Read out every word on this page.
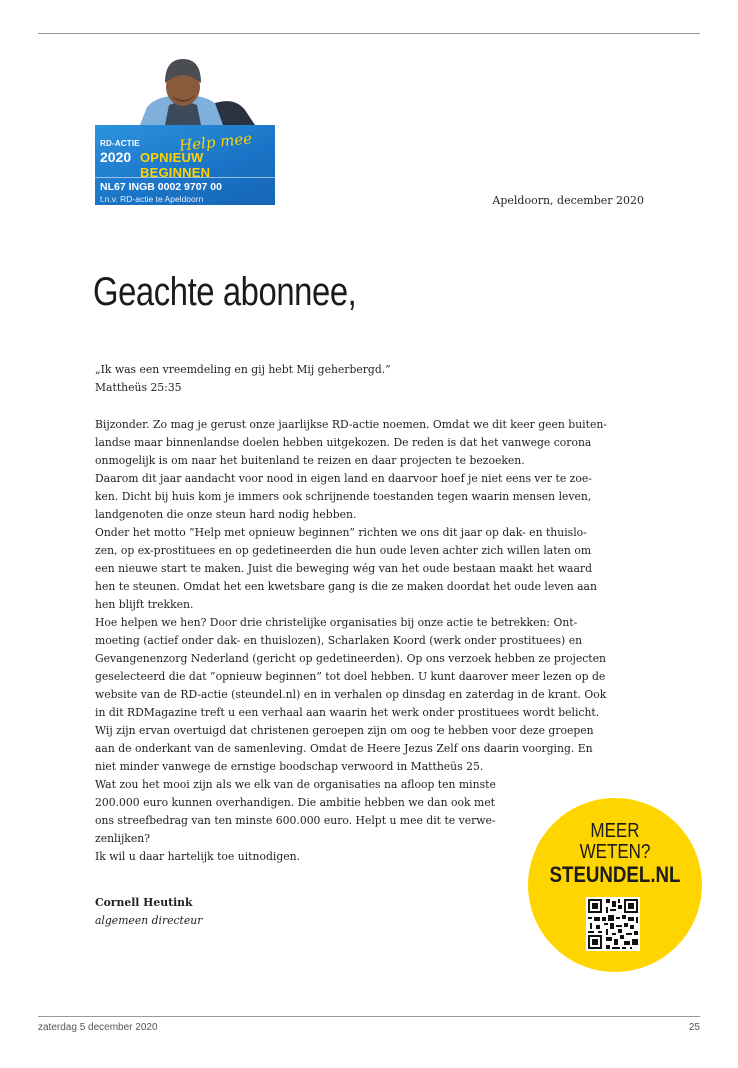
RD-ACTIE
2020
Help mee
OPNIEUW BEGINNEN
NL67 INGB 0002 9707 00
t.n.v. RD-actie te Apeldoorn	Apeldoorn, december 2020
Geachte abonnee,
„Ik was een vreemdeling en gij hebt Mij geherbergd.”
Mattheüs 25:35
Bijzonder. Zo mag je gerust onze jaarlijkse RD-actie noemen. Omdat we dit keer geen buiten-
landse maar binnenlandse doelen hebben uitgekozen. De reden is dat het vanwege corona
onmogelijk is om naar het buitenland te reizen en daar projecten te bezoeken.
Daarom dit jaar aandacht voor nood in eigen land en daarvoor hoef je niet eens ver te zoe-
ken. Dicht bij huis kom je immers ook schrijnende toestanden tegen waarin mensen leven,
landgenoten die onze steun hard nodig hebben.
Onder het motto ”Help met opnieuw beginnen” richten we ons dit jaar op dak- en thuislo-
zen, op ex-prostituees en op gedetineerden die hun oude leven achter zich willen laten om
een nieuwe start te maken. Juist die beweging wég van het oude bestaan maakt het waard
hen te steunen. Omdat het een kwetsbare gang is die ze maken doordat het oude leven aan
hen blijft trekken.
Hoe helpen we hen? Door drie christelijke organisaties bij onze actie te betrekken: Ont-
moeting (actief onder dak- en thuislozen), Scharlaken Koord (werk onder prostituees) en
Gevangenenzorg Nederland (gericht op gedetineerden). Op ons verzoek hebben ze projecten
geselecteerd die dat ”opnieuw beginnen” tot doel hebben. U kunt daarover meer lezen op de
website van de RD-actie (steundel.nl) en in verhalen op dinsdag en zaterdag in de krant. Ook
in dit RDMagazine treft u een verhaal aan waarin het werk onder prostituees wordt belicht.
Wij zijn ervan overtuigd dat christenen geroepen zijn om oog te hebben voor deze groepen
aan de onderkant van de samenleving. Omdat de Heere Jezus Zelf ons daarin voorging. En
niet minder vanwege de ernstige boodschap verwoord in Mattheüs 25.
Wat zou het mooi zijn als we elk van de organisaties na afloop ten minste
200.000 euro kunnen overhandigen. Die ambitie hebben we dan ook met
ons streefbedrag van ten minste 600.000 euro. Helpt u mee dit te verwe-
zenlijken?
Ik wil u daar hartelijk toe uitnodigen.
Cornell Heutink
algemeen directeur
MEER
WETEN?
STEUNDEL.NL
zaterdag 5 december 2020	25
